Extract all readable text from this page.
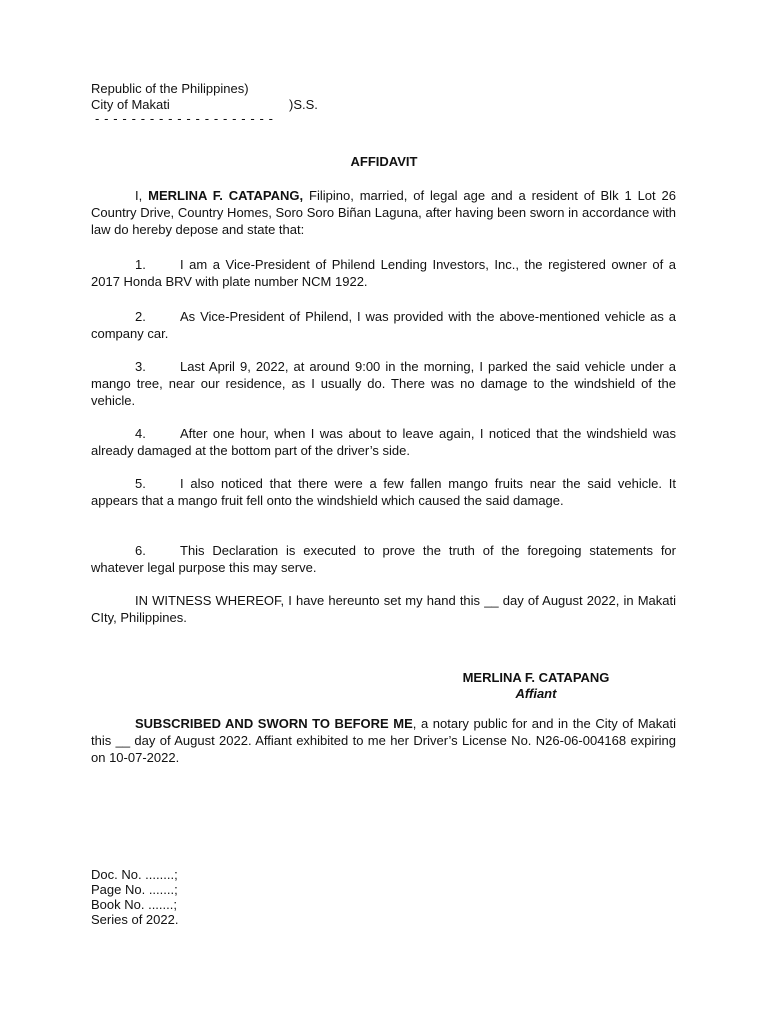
Republic of the Philippines)
City of Makati	)S.S.
- - - - - - - - - - - - - - - - - - - -
AFFIDAVIT
I, MERLINA F. CATAPANG, Filipino, married, of legal age and a resident of Blk 1 Lot 26 Country Drive, Country Homes, Soro Soro Biñan Laguna, after having been sworn in accordance with law do hereby depose and state that:
1.	I am a Vice-President of Philend Lending Investors, Inc., the registered owner of a 2017 Honda BRV with plate number NCM 1922.
2.	As Vice-President of Philend, I was provided with the above-mentioned vehicle as a company car.
3.	Last April 9, 2022, at around 9:00 in the morning, I parked the said vehicle under a mango tree, near our residence, as I usually do. There was no damage to the windshield of the vehicle.
4.	After one hour, when I was about to leave again, I noticed that the windshield was already damaged at the bottom part of the driver’s side.
5.	I also noticed that there were a few fallen mango fruits near the said vehicle. It appears that a mango fruit fell onto the windshield which caused the said damage.
6.	This Declaration is executed to prove the truth of the foregoing statements for whatever legal purpose this may serve.
IN WITNESS WHEREOF, I have hereunto set my hand this __ day of August 2022, in Makati CIty, Philippines.
MERLINA F. CATAPANG
Affiant
SUBSCRIBED AND SWORN TO BEFORE ME, a notary public for and in the City of Makati this __ day of August 2022. Affiant exhibited to me her Driver’s License No. N26-06-004168 expiring on 10-07-2022.
Doc. No. ........;
Page No. .......;
Book No. .......;
Series of 2022.
